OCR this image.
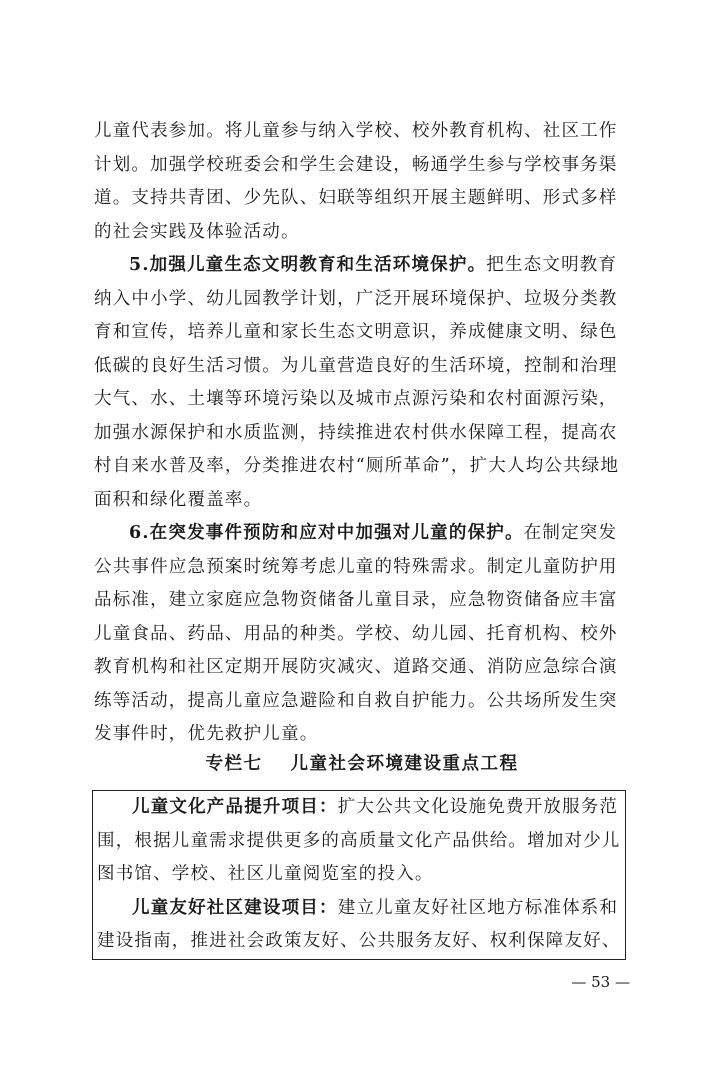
儿童代表参加。将儿童参与纳入学校、校外教育机构、社区工作
计划。加强学校班委会和学生会建设，畅通学生参与学校事务渠
道。支持共青团、少先队、妇联等组织开展主题鲜明、形式多样
的社会实践及体验活动。
5.加强儿童生态文明教育和生活环境保护。把生态文明教育
纳入中小学、幼儿园教学计划，广泛开展环境保护、垃圾分类教
育和宣传，培养儿童和家长生态文明意识，养成健康文明、绿色
低碳的良好生活习惯。为儿童营造良好的生活环境，控制和治理
大气、水、土壤等环境污染以及城市点源污染和农村面源污染，
加强水源保护和水质监测，持续推进农村供水保障工程，提高农
村自来水普及率，分类推进农村“厕所革命”，扩大人均公共绿地
面积和绿化覆盖率。
6.在突发事件预防和应对中加强对儿童的保护。在制定突发
公共事件应急预案时统筹考虑儿童的特殊需求。制定儿童防护用
品标准，建立家庭应急物资储备儿童目录，应急物资储备应丰富
儿童食品、药品、用品的种类。学校、幼儿园、托育机构、校外
教育机构和社区定期开展防灾减灾、道路交通、消防应急综合演
练等活动，提高儿童应急避险和自救自护能力。公共场所发生突
发事件时，优先救护儿童。
专栏七 儿童社会环境建设重点工程
儿童文化产品提升项目：扩大公共文化设施免费开放服务范
围，根据儿童需求提供更多的高质量文化产品供给。增加对少儿
图书馆、学校、社区儿童阅览室的投入。
儿童友好社区建设项目：建立儿童友好社区地方标准体系和
建设指南，推进社会政策友好、公共服务友好、权利保障友好、
— 53 —
